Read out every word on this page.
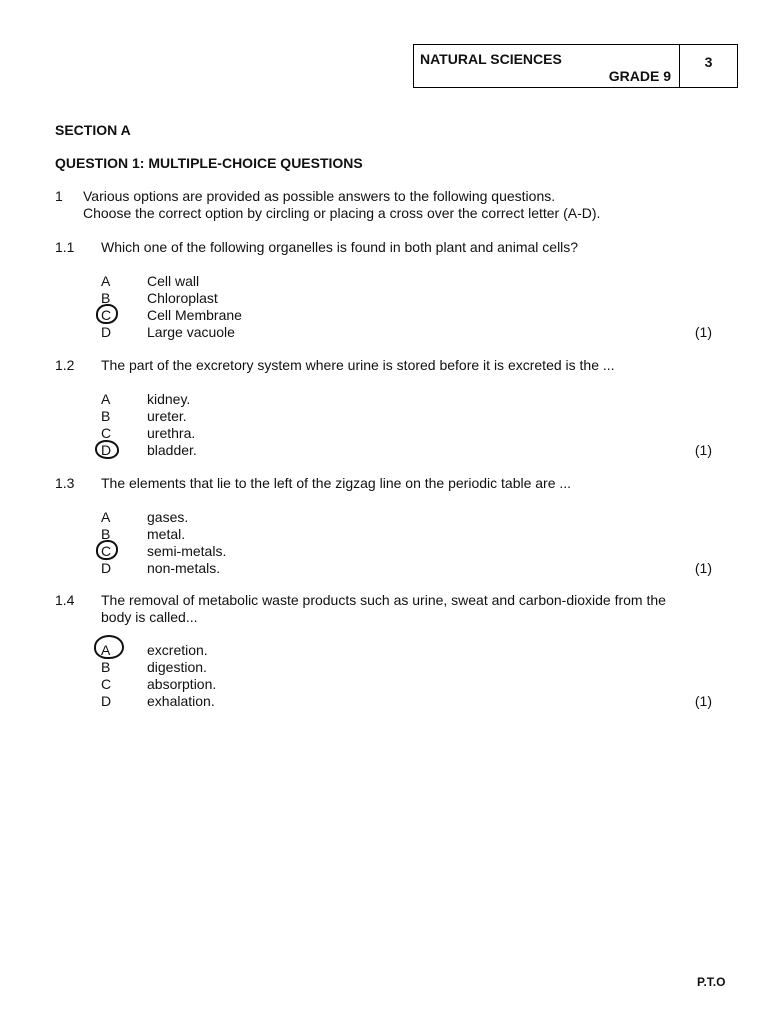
NATURAL SCIENCES
GRADE 9
3
SECTION A
QUESTION 1: MULTIPLE-CHOICE QUESTIONS
1 Various options are provided as possible answers to the following questions.
Choose the correct option by circling or placing a cross over the correct letter (A-D).
1.1 Which one of the following organelles is found in both plant and animal cells?
A	Cell wall
B	Chloroplast
C	Cell Membrane
D	Large vacuole	(1)
1.2 The part of the excretory system where urine is stored before it is excreted is the ...
A	kidney.
B	ureter.
C	urethra.
D	bladder.	(1)
1.3 The elements that lie to the left of the zigzag line on the periodic table are ...
A	gases.
B	metal.
C	semi-metals.
D	non-metals.	(1)
1.4 The removal of metabolic waste products such as urine, sweat and carbon-dioxide from the body is called...
A	excretion.
B	digestion.
C	absorption.
D	exhalation.	(1)
P.T.O
